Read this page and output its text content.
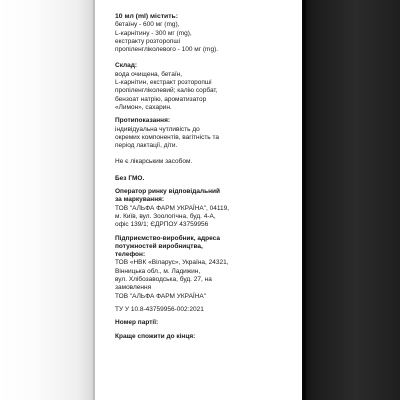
10 мл (ml) містить:
бетаїну - 600 мг (mg),
L-карнітину - 300 мг (mg),
екстракту розторопші
пропіленгліколевого - 100 мг (mg).
Склад:
вода очищена, бетаїн,
L-карнітин, екстракт розторопші
пропіленгліколевий; калію сорбат,
бензоат натрію, ароматизатор
«Лимон», сахарин.
Протипоказання:
індивідуальна чутливість до
окремих компонентів, вагітність та
період лактації, діти.
Не є лікарським засобом.
Без ГМО.
Оператор ринку відповідальний
за маркування:
ТОВ "АЛЬФА ФАРМ УКРАЇНА", 04119,
м. Київ, вул. Зоологічна, буд. 4-А,
офіс 139/1; ЄДРПОУ 43759956
Підприємство-виробник, адреса
потужностей виробництва,
телефон:
ТОВ «НВК «Віларус», Україна, 24321,
Вінницька обл., м. Ладижин,
вул. Хлібозаводська, буд. 27, на
замовлення
ТОВ "АЛЬФА ФАРМ УКРАЇНА"
ТУ У 10.8-43759956-002:2021
Номер партії:
Краще спожити до кінця:
